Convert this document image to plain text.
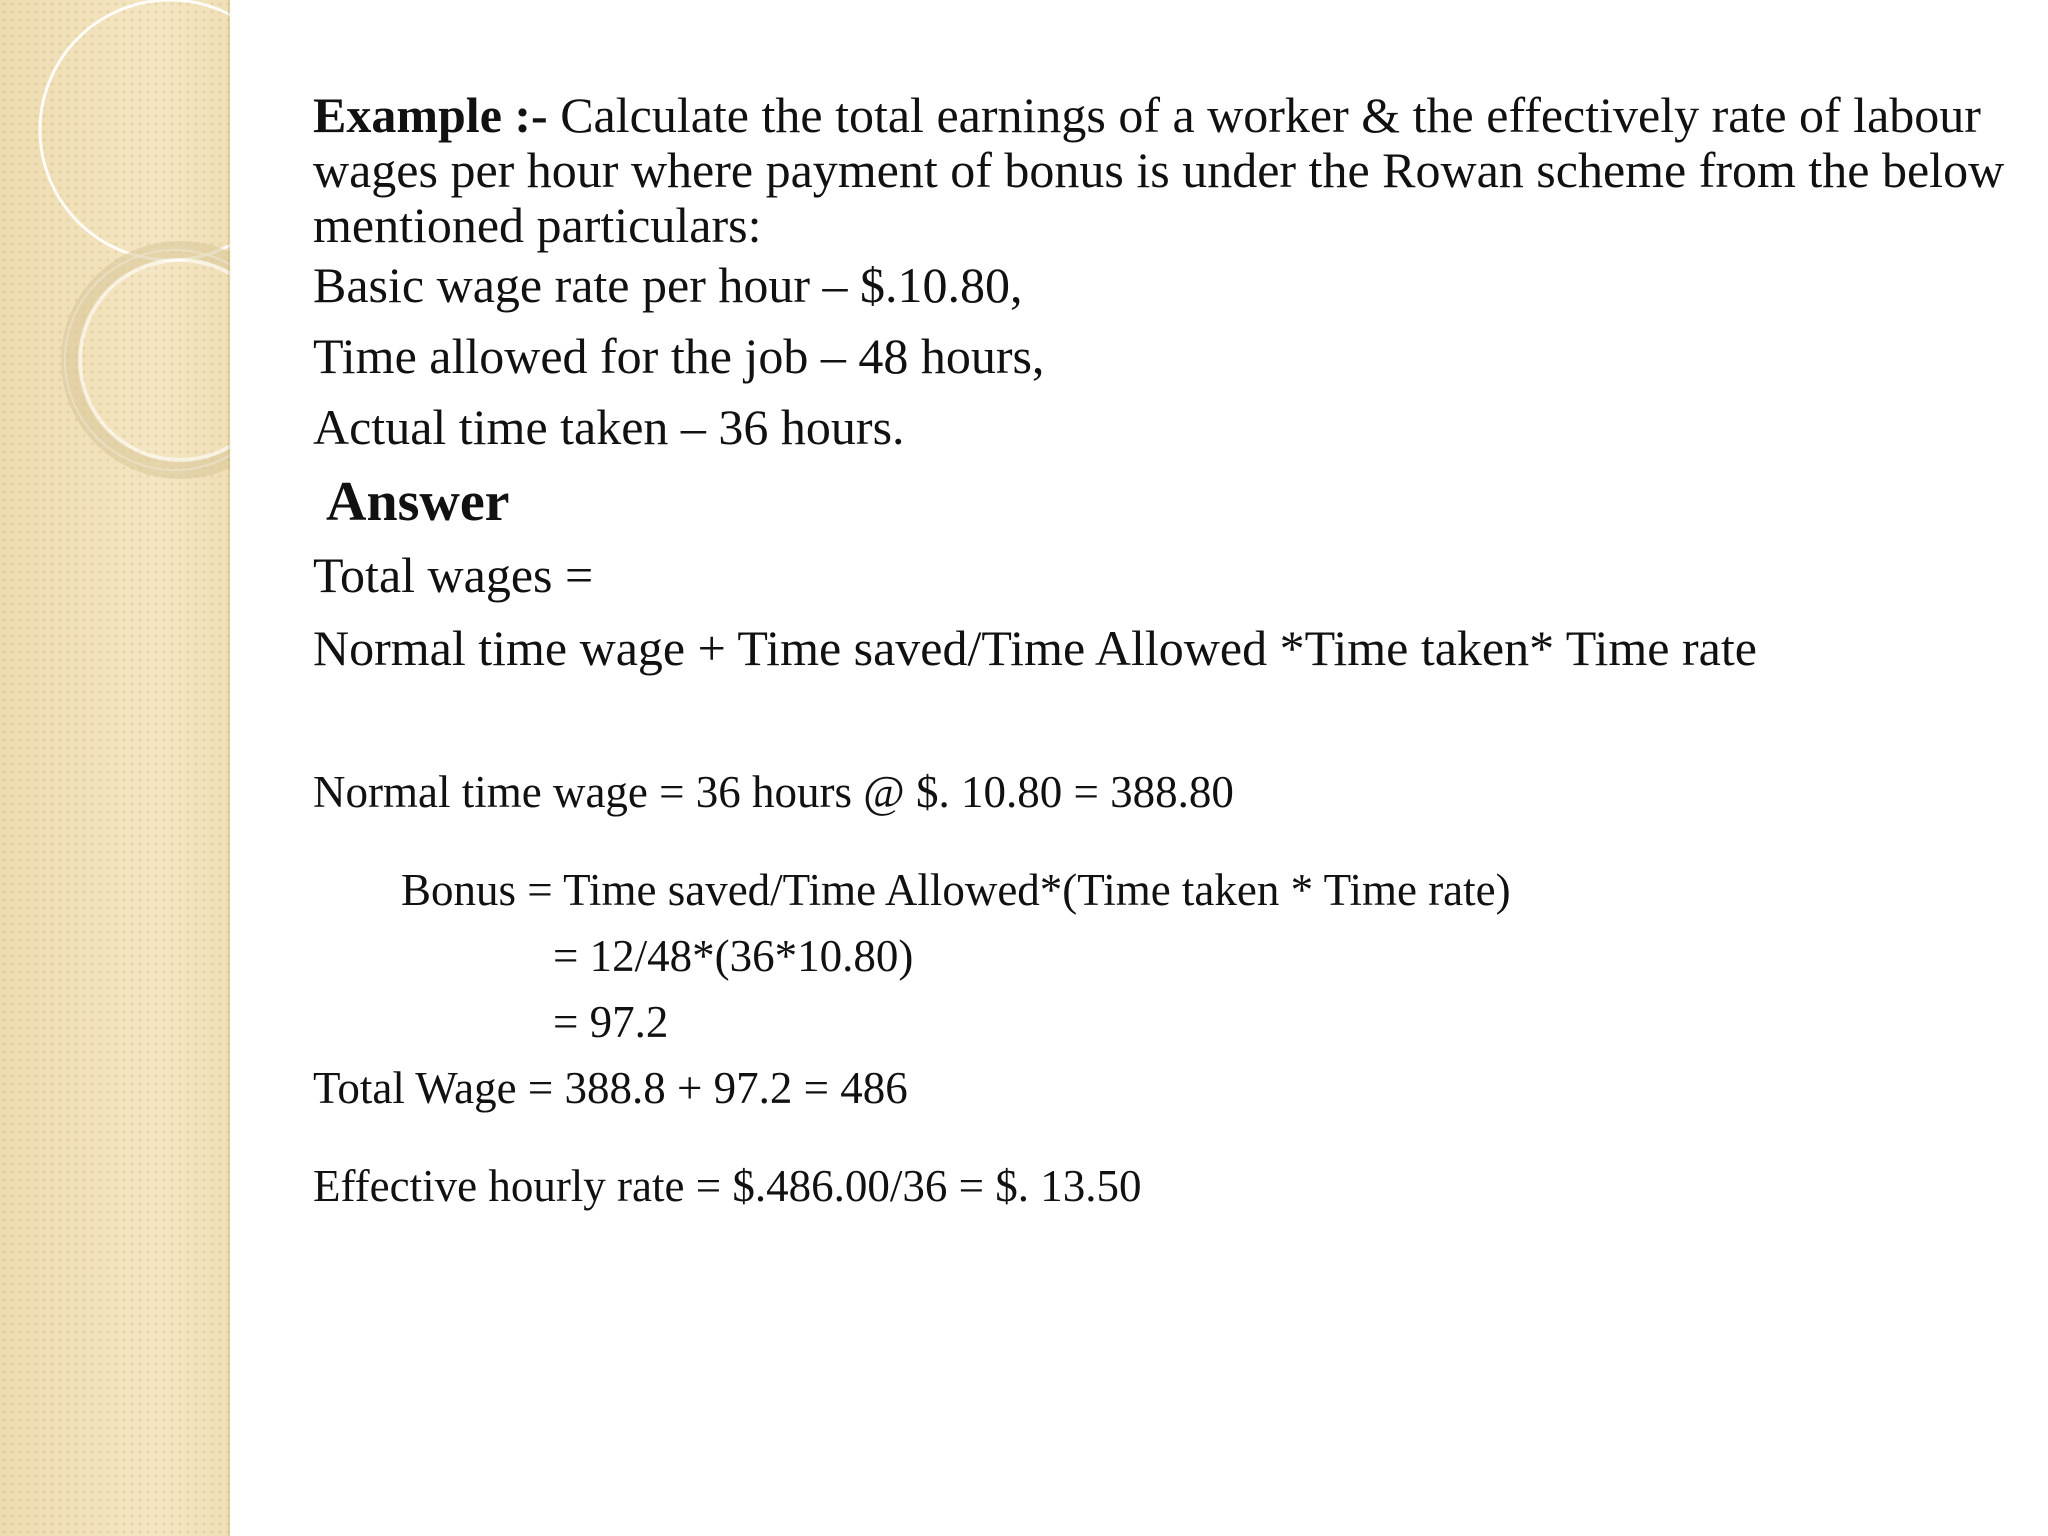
Example :- Calculate the total earnings of a worker & the effectively rate of labour wages per hour where payment of bonus is under the Rowan scheme from the below mentioned particulars:

Basic wage rate per hour – $.10.80,

Time allowed for the job – 48 hours,

Actual time taken – 36 hours.

Answer

Total wages =

Normal time wage + Time saved/Time Allowed *Time taken* Time rate

Normal time wage = 36 hours @ $. 10.80 = 388.80

Bonus = Time saved/Time Allowed*(Time taken * Time rate)

= 12/48*(36*10.80)

= 97.2

Total Wage = 388.8 + 97.2 = 486

Effective hourly rate = $.486.00/36 = $. 13.50
